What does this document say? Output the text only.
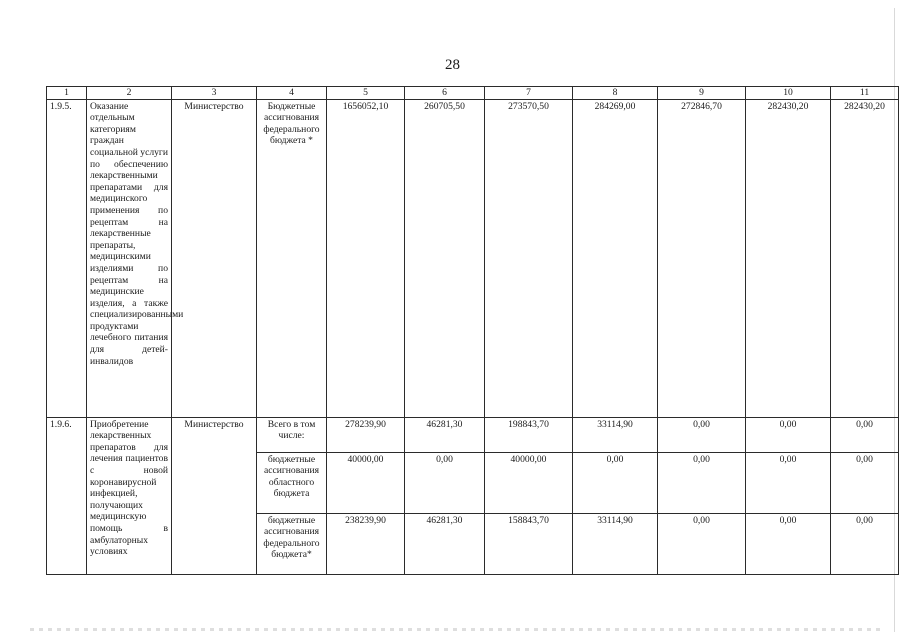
28
1	2	3	4	5	6	7	8	9	10	11
1.9.5.	Оказание отдельным категориям граждан социальной услуги по обеспечению лекарственными препаратами для медицинского применения по рецептам на лекарственные препараты, медицинскими изделиями по рецептам на медицинские изделия, а также специализированными продуктами лечебного питания для детей-инвалидов	Министерство	Бюджетные ассигнования федерального бюджета *	1656052,10	260705,50	273570,50	284269,00	272846,70	282430,20	282430,20
1.9.6.	Приобретение лекарственных препаратов для лечения пациентов с новой коронавирусной инфекцией, получающих медицинскую помощь в амбулаторных условиях	Министерство	Всего в том числе:	278239,90	46281,30	198843,70	33114,90	0,00	0,00	0,00
			бюджетные ассигнования областного бюджета	40000,00	0,00	40000,00	0,00	0,00	0,00	0,00
			бюджетные ассигнования федерального бюджета*	238239,90	46281,30	158843,70	33114,90	0,00	0,00	0,00
